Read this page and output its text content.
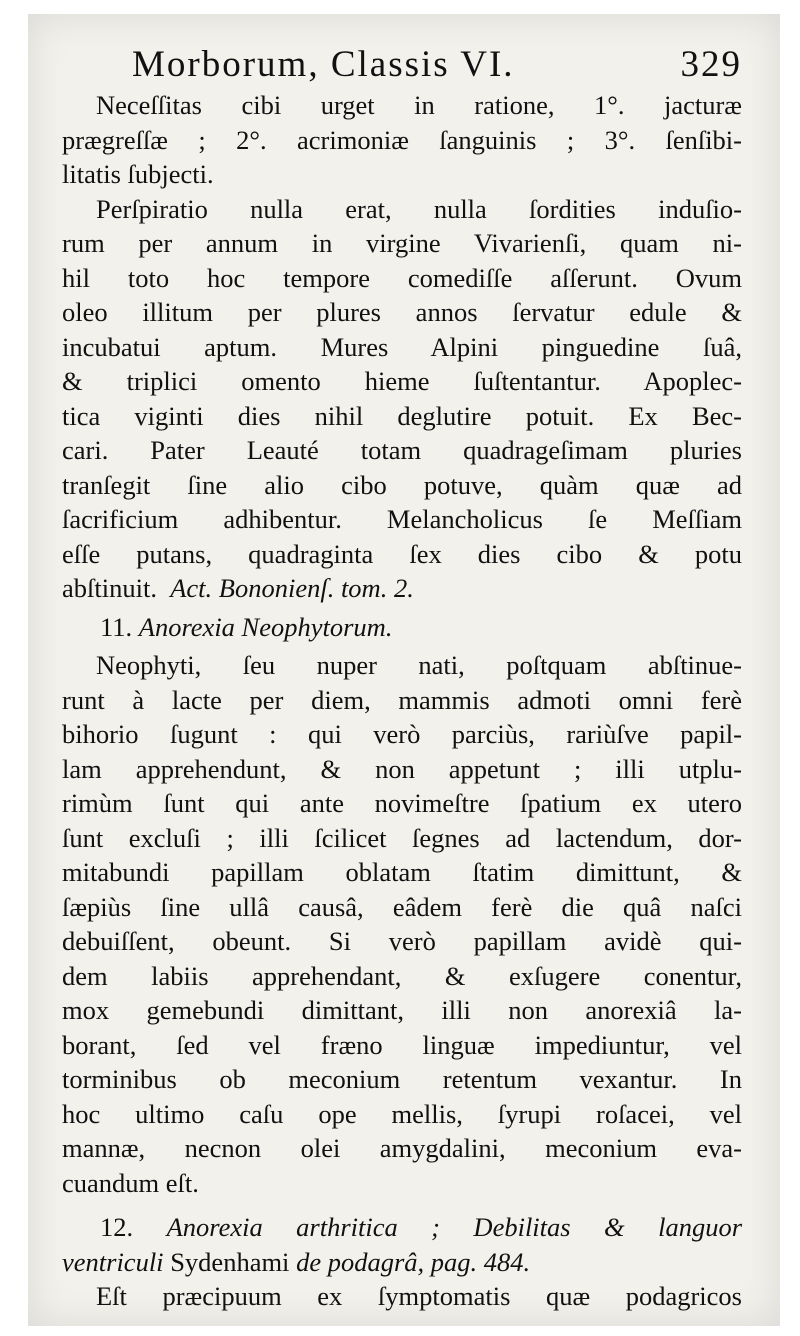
Morborum, Classis VI.	329
Neceſſitas cibi urget in ratione, 1°. jacturæ
prægreſſæ ; 2°. acrimoniæ ſanguinis ; 3°. ſenſibi-
litatis ſubjecti.
Perſpiratio nulla erat, nulla ſordities induſio-
rum per annum in virgine Vivarienſi, quam ni-
hil toto hoc tempore comediſſe aſſerunt. Ovum
oleo illitum per plures annos ſervatur edule &
incubatui aptum. Mures Alpini pinguedine ſuâ,
& triplici omento hieme ſuſtentantur. Apoplec-
tica viginti dies nihil deglutire potuit. Ex Bec-
cari. Pater Leauté totam quadrageſimam pluries
tranſegit ſine alio cibo potuve, quàm quæ ad
ſacrificium adhibentur. Melancholicus ſe Meſſiam
eſſe putans, quadraginta ſex dies cibo & potu
abſtinuit. Act. Bononienſ. tom. 2.
11. Anorexia Neophytorum.
Neophyti, ſeu nuper nati, poſtquam abſtinue-
runt à lacte per diem, mammis admoti omni ferè
bihorio ſugunt : qui verò parciùs, rariùſve papil-
lam apprehendunt, & non appetunt ; illi utplu-
rimùm ſunt qui ante novimeſtre ſpatium ex utero
ſunt excluſi ; illi ſcilicet ſegnes ad lactendum, dor-
mitabundi papillam oblatam ſtatim dimittunt, &
ſæpiùs ſine ullâ causâ, eâdem ferè die quâ naſci
debuiſſent, obeunt. Si verò papillam avidè qui-
dem labiis apprehendant, & exſugere conentur,
mox gemebundi dimittant, illi non anorexiâ la-
borant, ſed vel fræno linguæ impediuntur, vel
torminibus ob meconium retentum vexantur. In
hoc ultimo caſu ope mellis, ſyrupi roſacei, vel
mannæ, necnon olei amygdalini, meconium eva-
cuandum eſt.
12. Anorexia arthritica ; Debilitas & languor
ventriculi Sydenhami de podagrâ, pag. 484.
Eſt præcipuum ex ſymptomatis quæ podagricos
